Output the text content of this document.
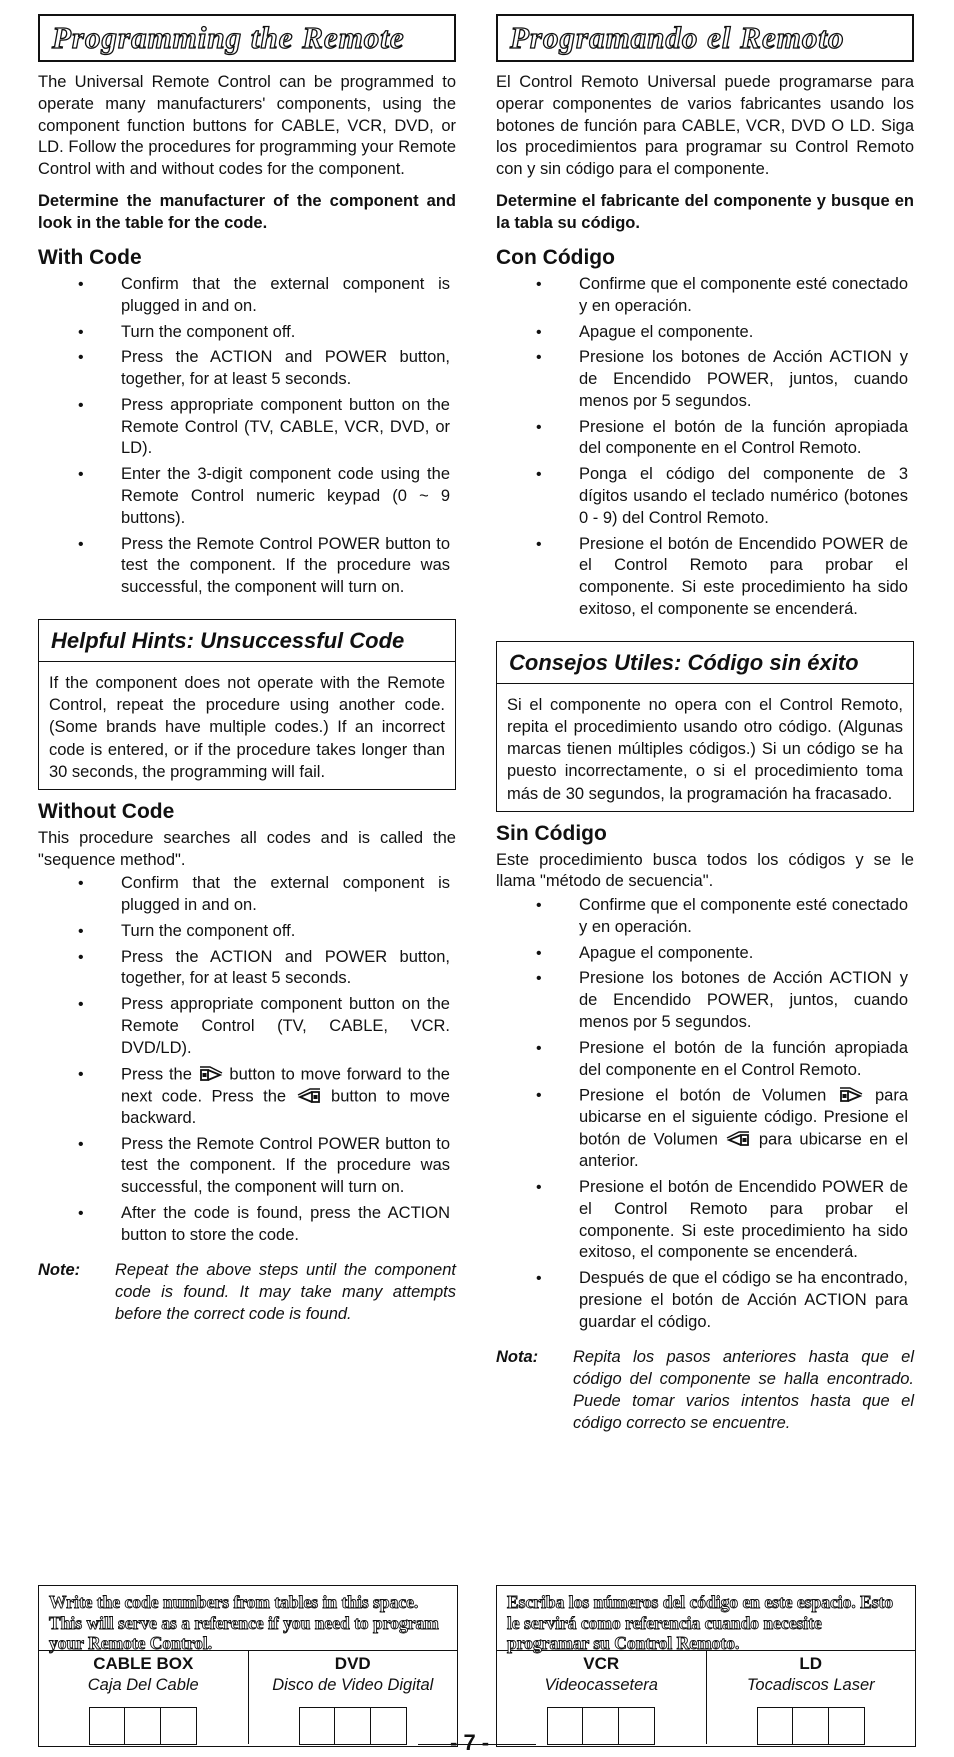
Programming the Remote

The Universal Remote Control can be programmed to operate many manufacturers' components, using the component function buttons for CABLE, VCR, DVD, or LD. Follow the procedures for programming your Remote Control with and without codes for the component.

Determine the manufacturer of the component and look in the table for the code.

With Code
• Confirm that the external component is plugged in and on.
• Turn the component off.
• Press the ACTION and POWER button, together, for at least 5 seconds.
• Press appropriate component button on the Remote Control (TV, CABLE, VCR, DVD, or LD).
• Enter the 3-digit component code using the Remote Control numeric keypad (0 ~ 9 buttons).
• Press the Remote Control POWER button to test the component. If the procedure was successful, the component will turn on.
Helpful Hints: Unsuccessful Code
If the component does not operate with the Remote Control, repeat the procedure using another code. (Some brands have multiple codes.) If an incorrect code is entered, or if the procedure takes longer than 30 seconds, the programming will fail.
Without Code

This procedure searches all codes and is called the "sequence method".

• Confirm that the external component is plugged in and on.
• Turn the component off.
• Press the ACTION and POWER button, together, for at least 5 seconds.
• Press appropriate component button on the Remote Control (TV, CABLE, VCR. DVD/LD).
• Press the  button to move forward to the next code. Press the  button to move backward.
• Press the Remote Control POWER button to test the component. If the procedure was successful, the component will turn on.
• After the code is found, press the ACTION button to store the code.
Note:	Repeat the above steps until the component code is found. It may take many attempts before the correct code is found.
Programando el Remoto

El Control Remoto Universal puede programarse para operar componentes de varios fabricantes usando los botones de función para CABLE, VCR, DVD O LD. Siga los procedimientos para programar su Control Remoto con y sin código para el componente.

Determine el fabricante del componente y busque en la tabla su código.

Con Código
• Confirme que el componente esté conectado y en operación.
• Apague el componente.
• Presione los botones de Acción ACTION y de Encendido POWER, juntos, cuando menos por 5 segundos.
• Presione el botón de la función apropiada del componente en el Control Remoto.
• Ponga el código del componente de 3 dígitos usando el teclado numérico (botones 0 - 9) del Control Remoto.
• Presione el botón de Encendido POWER de el Control Remoto para probar el componente. Si este procedimiento ha sido exitoso, el componente se encenderá.
Consejos Utiles: Código sin éxito
Si el componente no opera con el Control Remoto, repita el procedimiento usando otro código. (Algunas marcas tienen múltiples códigos.) Si un código se ha puesto incorrectamente, o si el procedimiento toma más de 30 segundos, la programación ha fracasado.
Sin Código

Este procedimiento busca todos los códigos y se le llama "método de secuencia".

• Confirme que el componente esté conectado y en operación.
• Apague el componente.
• Presione los botones de Acción ACTION y de Encendido POWER, juntos, cuando menos por 5 segundos.
• Presione el botón de la función apropiada del componente en el Control Remoto.
• Presione el botón de Volumen  para ubicarse en el siguiente código. Presione el botón de Volumen  para ubicarse en el anterior.
• Presione el botón de Encendido POWER de el Control Remoto para probar el componente. Si este procedimiento ha sido exitoso, el componente se encenderá.
• Después de que el código se ha encontrado, presione el botón de Acción ACTION para guardar el código.
Nota:	Repita los pasos anteriores hasta que el código del componente se halla encontrado. Puede tomar varios intentos hasta que el código correcto se encuentre.
Write the code numbers from tables in this space. This will serve as a reference if you need to program your Remote Control.
CABLE BOX
Caja Del Cable
DVD
Disco de Video Digital
Escriba los números del código en este espacio. Esto le servirá como referencia cuando necesite programar su Control Remoto.
VCR
Videocassetera
LD
Tocadiscos Laser
- 7 -
